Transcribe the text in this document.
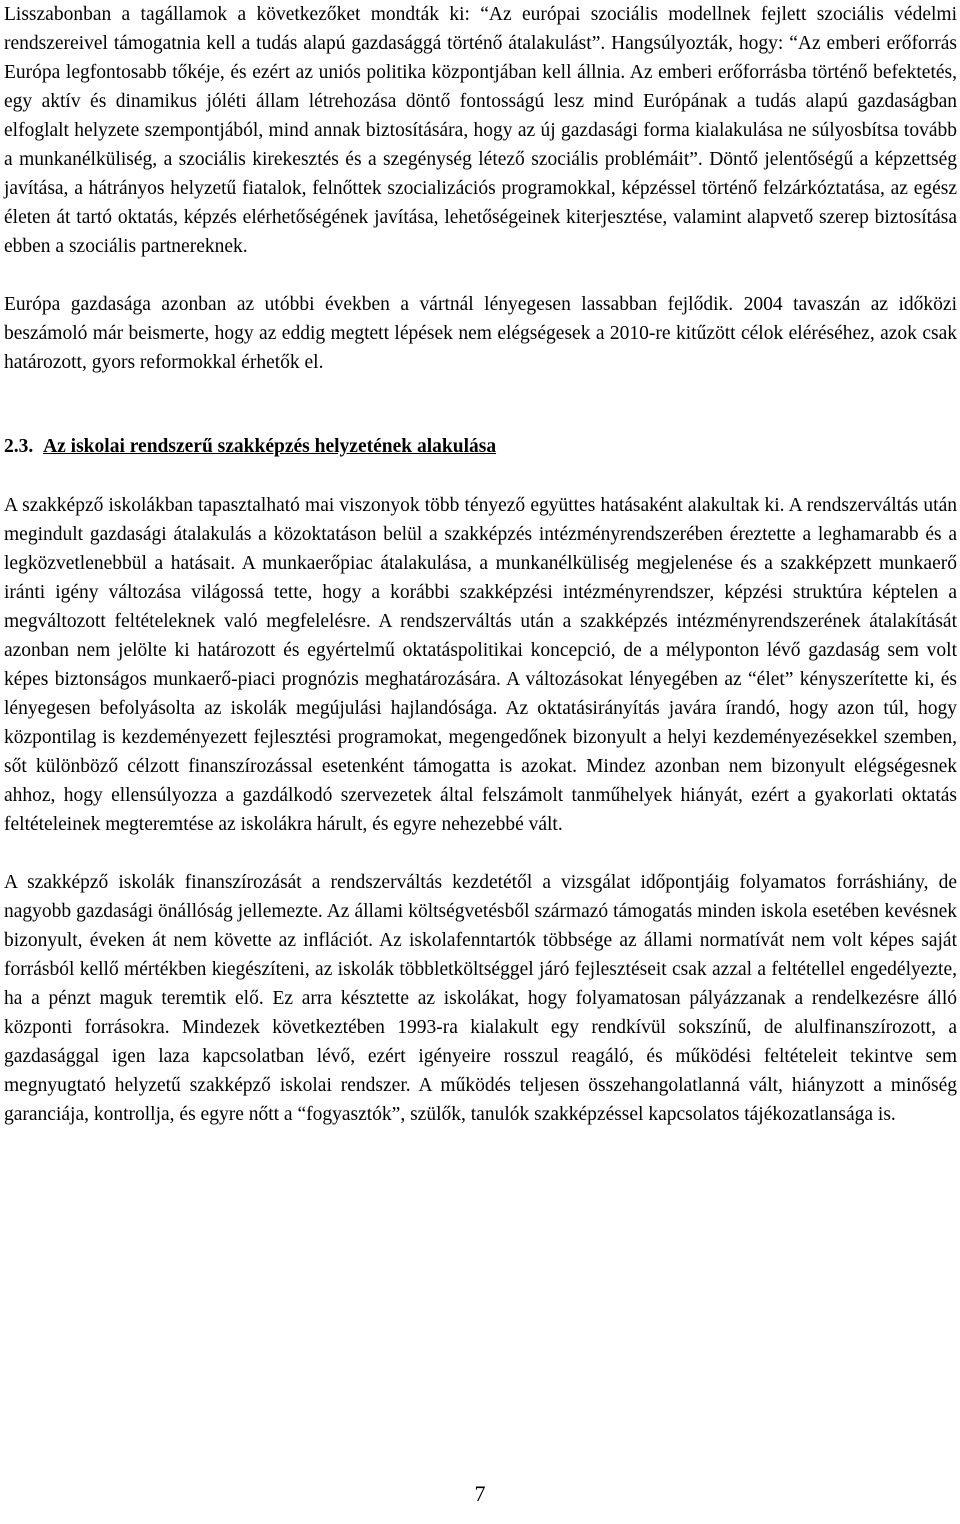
Lisszabonban a tagállamok a következőket mondták ki: “Az európai szociális modellnek fejlett szociális védelmi rendszereivel támogatnia kell a tudás alapú gazdasággá történő átalakulást”. Hangsúlyozták, hogy: “Az emberi erőforrás Európa legfontosabb tőkéje, és ezért az uniós politika központjában kell állnia. Az emberi erőforrásba történő befektetés, egy aktív és dinamikus jóléti állam létrehozása döntő fontosságú lesz mind Európának a tudás alapú gazdaságban elfoglalt helyzete szempontjából, mind annak biztosítására, hogy az új gazdasági forma kialakulása ne súlyosbítsa tovább a munkanélküliség, a szociális kirekesztés és a szegénység létező szociális problémáit”. Döntő jelentőségű a képzettség javítása, a hátrányos helyzetű fiatalok, felnőttek szocializációs programokkal, képzéssel történő felzárkóztatása, az egész életen át tartó oktatás, képzés elérhetőségének javítása, lehetőségeinek kiterjesztése, valamint alapvető szerep biztosítása ebben a szociális partnereknek.

Európa gazdasága azonban az utóbbi években a vártnál lényegesen lassabban fejlődik. 2004 tavaszán az időközi beszámoló már beismerte, hogy az eddig megtett lépések nem elégségesek a 2010-re kitűzött célok eléréséhez, azok csak határozott, gyors reformokkal érhetők el.

2.3. Az iskolai rendszerű szakképzés helyzetének alakulása

A szakképző iskolákban tapasztalható mai viszonyok több tényező együttes hatásaként alakultak ki. A rendszerváltás után megindult gazdasági átalakulás a közoktatáson belül a szakképzés intézményrendszerében éreztette a leghamarabb és a legközvetlenebbül a hatásait. A munkaerőpiac átalakulása, a munkanélküliség megjelenése és a szakképzett munkaerő iránti igény változása világossá tette, hogy a korábbi szakképzési intézményrendszer, képzési struktúra képtelen a megváltozott feltételeknek való megfelelésre. A rendszerváltás után a szakképzés intézményrendszerének átalakítását azonban nem jelölte ki határozott és egyértelmű oktatáspolitikai koncepció, de a mélyponton lévő gazdaság sem volt képes biztonságos munkaerő-piaci prognózis meghatározására. A változásokat lényegében az “élet” kényszerítette ki, és lényegesen befolyásolta az iskolák megújulási hajlandósága. Az oktatásirányítás javára írandó, hogy azon túl, hogy központilag is kezdeményezett fejlesztési programokat, megengedőnek bizonyult a helyi kezdeményezésekkel szemben, sőt különböző célzott finanszírozással esetenként támogatta is azokat. Mindez azonban nem bizonyult elégségesnek ahhoz, hogy ellensúlyozza a gazdálkodó szervezetek által felszámolt tanműhelyek hiányát, ezért a gyakorlati oktatás feltételeinek megteremtése az iskolákra hárult, és egyre nehezebbé vált.

A szakképző iskolák finanszírozását a rendszerváltás kezdetétől a vizsgálat időpontjáig folyamatos forráshiány, de nagyobb gazdasági önállóság jellemezte. Az állami költségvetésből származó támogatás minden iskola esetében kevésnek bizonyult, éveken át nem követte az inflációt. Az iskolafenntartók többsége az állami normatívát nem volt képes saját forrásból kellő mértékben kiegészíteni, az iskolák többletköltséggel járó fejlesztéseit csak azzal a feltétellel engedélyezte, ha a pénzt maguk teremtik elő. Ez arra késztette az iskolákat, hogy folyamatosan pályázzanak a rendelkezésre álló központi forrásokra. Mindezek következtében 1993-ra kialakult egy rendkívül sokszínű, de alulfinanszírozott, a gazdasággal igen laza kapcsolatban lévő, ezért igényeire rosszul reagáló, és működési feltételeit tekintve sem megnyugtató helyzetű szakképző iskolai rendszer. A működés teljesen összehangolatlanná vált, hiányzott a minőség garanciája, kontrollja, és egyre nőtt a “fogyasztók”, szülők, tanulók szakképzéssel kapcsolatos tájékozatlansága is.

7
